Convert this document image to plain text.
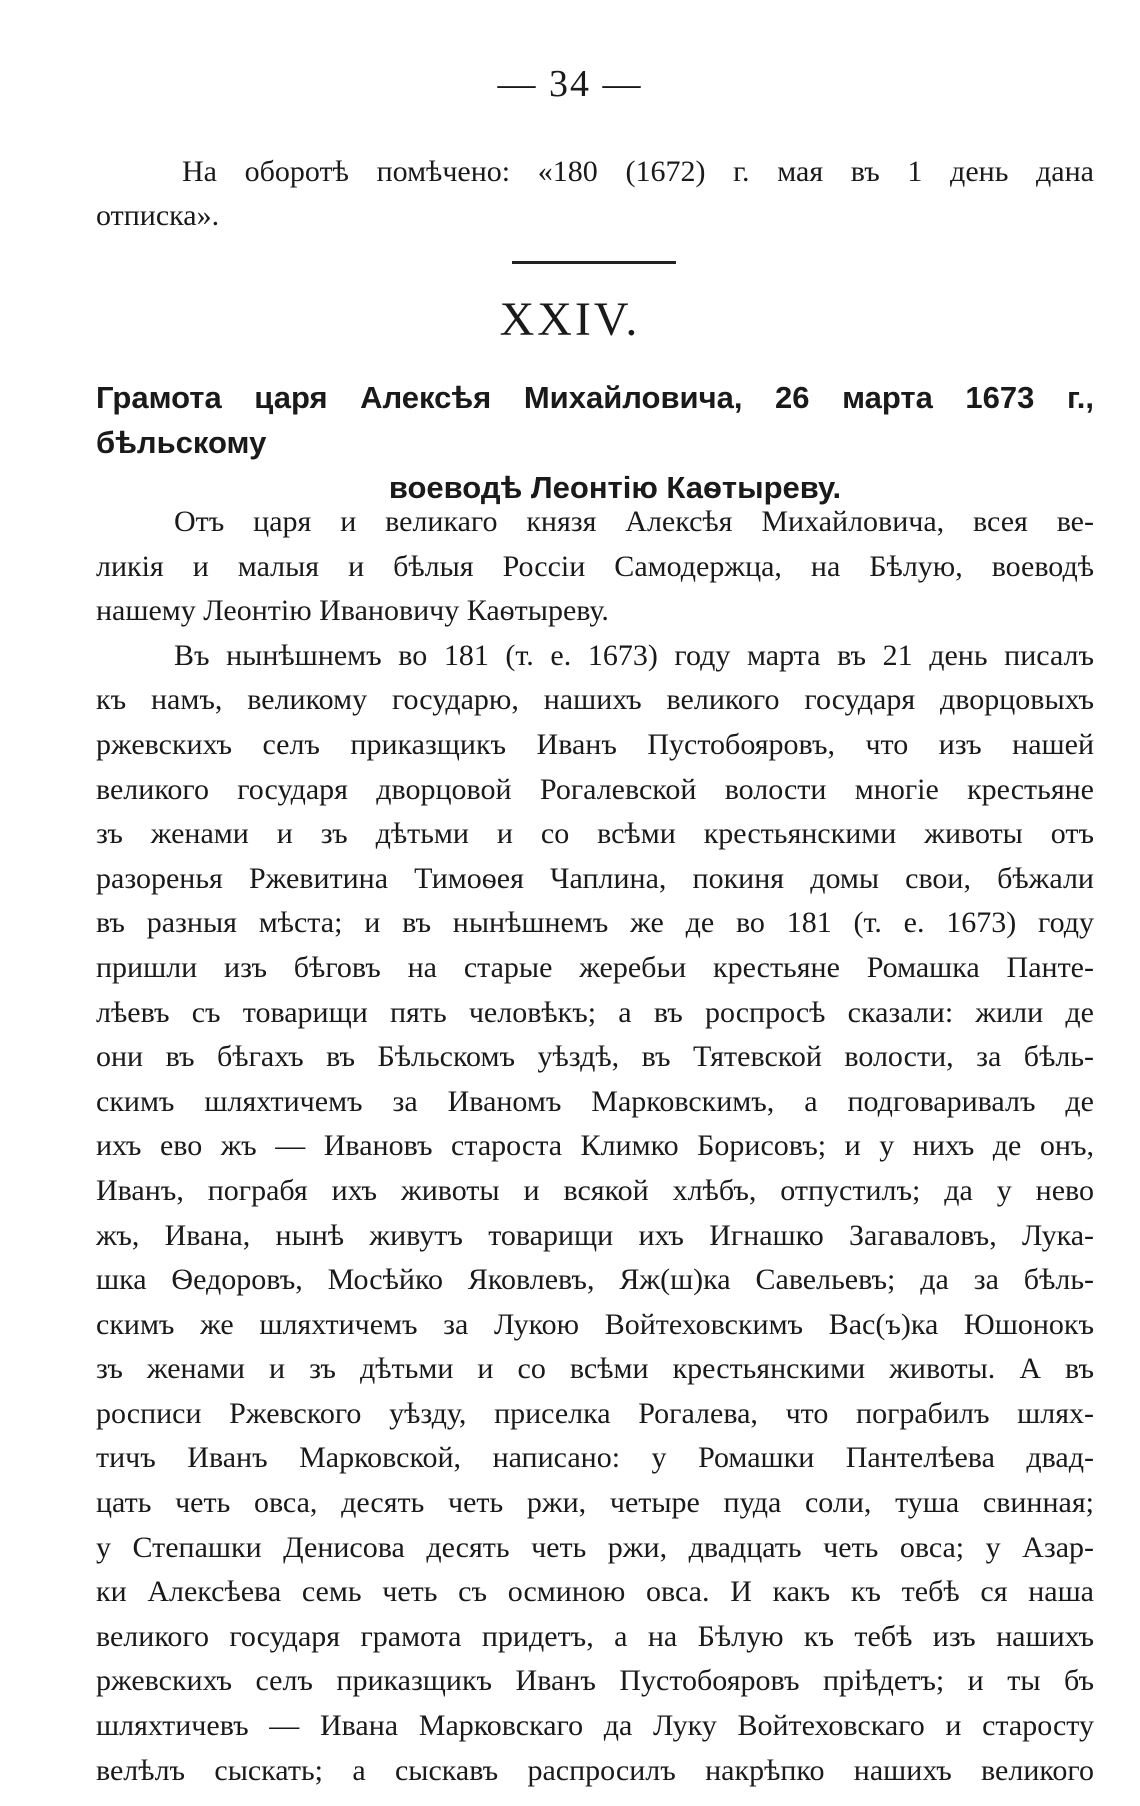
— 34 —
На оборотѣ помѣчено: «180 (1672) г. мая въ 1 день дана
отписка».
XXIV.
Грамота царя Алексѣя Михайловича, 26 марта 1673 г., бѣльскому
воеводѣ Леонтію Каѳтыреву.
Отъ царя и великаго князя Алексѣя Михайловича, всея ве-
ликія и малыя и бѣлыя Россіи Самодержца, на Бѣлую, воеводѣ
нашему Леонтію Ивановичу Каѳтыреву.
Въ нынѣшнемъ во 181 (т. е. 1673) году марта въ 21 день писалъ
къ намъ, великому государю, нашихъ великого государя дворцовыхъ
ржевскихъ селъ приказщикъ Иванъ Пустобояровъ, что изъ нашей
великого государя дворцовой Рогалевской волости многіе крестьяне
зъ женами и зъ дѣтьми и со всѣми крестьянскими животы отъ
разоренья Ржевитина Тимоѳея Чаплина, покиня домы свои, бѣжали
въ разныя мѣста; и въ нынѣшнемъ же де во 181 (т. е. 1673) году
пришли изъ бѣговъ на старые жеребьи крестьяне Ромашка Панте-
лѣевъ съ товарищи пять человѣкъ; а въ роспросѣ сказали: жили де
они въ бѣгахъ въ Бѣльскомъ уѣздѣ, въ Тятевской волости, за бѣль-
скимъ шляхтичемъ за Иваномъ Марковскимъ, а подговаривалъ де
ихъ ево жъ — Ивановъ староста Климко Борисовъ; и у нихъ де онъ,
Иванъ, пограбя ихъ животы и всякой хлѣбъ, отпустилъ; да у нево
жъ, Ивана, нынѣ живутъ товарищи ихъ Игнашко Загаваловъ, Лука-
шка Ѳедоровъ, Мосѣйко Яковлевъ, Яж(ш)ка Савельевъ; да за бѣль-
скимъ же шляхтичемъ за Лукою Войтеховскимъ Вас(ъ)ка Юшонокъ
зъ женами и зъ дѣтьми и со всѣми крестьянскими животы. А въ
росписи Ржевского уѣзду, приселка Рогалева, что пограбилъ шлях-
тичъ Иванъ Марковской, написано: у Ромашки Пантелѣева двад-
цать четь овса, десять четь ржи, четыре пуда соли, туша свинная;
у Степашки Денисова десять четь ржи, двадцать четь овса; у Азар-
ки Алексѣева семь четь съ осминою овса. И какъ къ тебѣ ся наша
великого государя грамота придетъ, а на Бѣлую къ тебѣ изъ нашихъ
ржевскихъ селъ приказщикъ Иванъ Пустобояровъ пріѣдетъ; и ты бъ
шляхтичевъ — Ивана Марковскаго да Луку Войтеховскаго и старосту
велѣлъ сыскать; а сыскавъ распросилъ накрѣпко нашихъ великого
